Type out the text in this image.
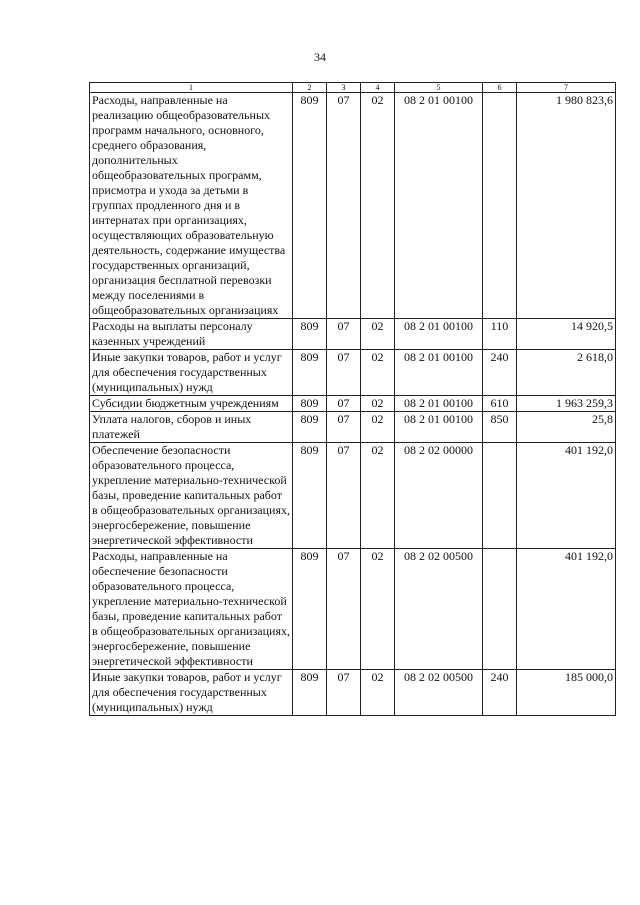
34
1	2	3	4	5	6	7
Расходы, направленные на реализацию общеобразовательных программ начального, основного, среднего образования, дополнительных общеобразовательных программ, присмотра и ухода за детьми в группах продленного дня и в интернатах при организациях, осуществляющих образовательную деятельность, содержание имущества государственных организаций, организация бесплатной перевозки между поселениями в общеобразовательных организациях	809	07	02	08 2 01 00100		1 980 823,6
Расходы на выплаты персоналу казенных учреждений	809	07	02	08 2 01 00100	110	14 920,5
Иные закупки товаров, работ и услуг для обеспечения государственных (муниципальных) нужд	809	07	02	08 2 01 00100	240	2 618,0
Субсидии бюджетным учреждениям	809	07	02	08 2 01 00100	610	1 963 259,3
Уплата налогов, сборов и иных платежей	809	07	02	08 2 01 00100	850	25,8
Обеспечение безопасности образовательного процесса, укрепление материально-технической базы, проведение капитальных работ в общеобразовательных организациях, энергосбережение, повышение энергетической эффективности	809	07	02	08 2 02 00000		401 192,0
Расходы, направленные на обеспечение безопасности образовательного процесса, укрепление материально-технической базы, проведение капитальных работ в общеобразовательных организациях, энергосбережение, повышение энергетической эффективности	809	07	02	08 2 02 00500		401 192,0
Иные закупки товаров, работ и услуг для обеспечения государственных (муниципальных) нужд	809	07	02	08 2 02 00500	240	185 000,0
